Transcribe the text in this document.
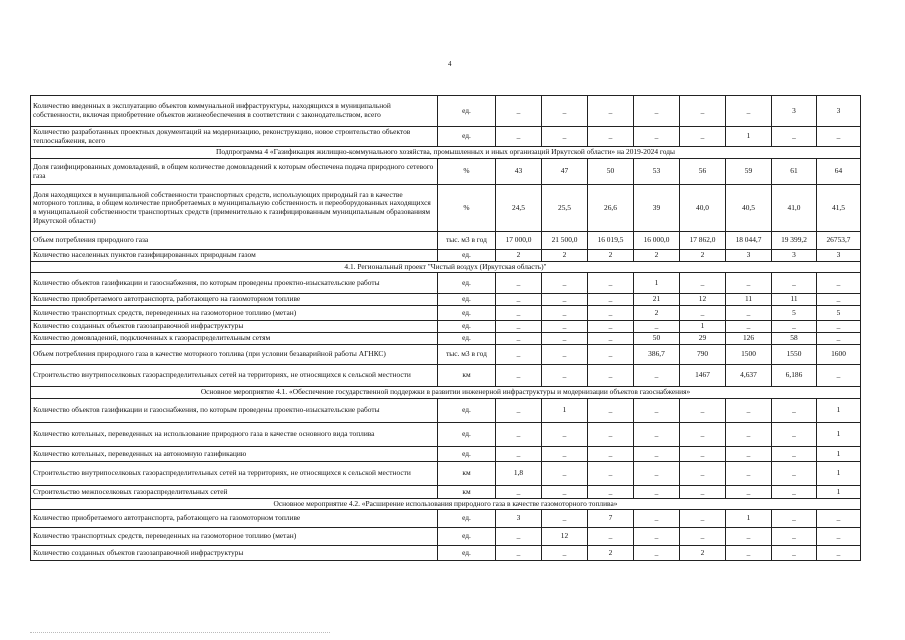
4
Количество введенных в эксплуатацию объектов коммунальной инфраструктуры, находящихся в муниципальной собственности, включая приобретение объектов жизнеобеспечения в соответствии с законодательством, всего	ед.	_	_	_	_	_	_	3	3
Количество разработанных проектных документаций на модернизацию, реконструкцию, новое строительство объектов теплоснабжения, всего	ед.	_	_	_	_	_	1	_	_
Подпрограмма 4 «Газификация жилищно-коммунального хозяйства, промышленных и иных организаций Иркутской области» на 2019-2024 годы									
Доля газифицированных домовладений, в общем количестве домовладений к которым обеспечена подача природного сетевого газа	%	43	47	50	53	56	59	61	64
Доля находящихся в муниципальной собственности транспортных средств, использующих природный газ в качестве моторного топлива, в общем количестве приобретаемых в муниципальную собственность и переоборудованных находящихся в муниципальной собственности транспортных средств (применительно к газифицированным муниципальным образованиям Иркутской области)	%	24,5	25,5	26,6	39	40,0	40,5	41,0	41,5
Объем потребления природного газа	тыс. м3 в год	17 000,0	21 500,0	16 019,5	16 000,0	17 862,0	18 044,7	19 399,2	26753,7
Количество населенных пунктов газифицированных природным газом	ед.	2	2	2	2	2	3	3	3
4.1. Региональный проект "Чистый воздух (Иркутская область)"									
Количество объектов газификации и газоснабжения, по которым проведены проектно-изыскательские работы	ед.	_	_	_	1	_	_	_	_
Количество приобретаемого автотранспорта, работающего на газомоторном топливе	ед.	_	_	_	21	12	11	11	_
Количество транспортных средств, переведенных на газомоторное топливо (метан)	ед.	_	_	_	2	_	_	5	5
Количество созданных объектов газозаправочной инфраструктуры	ед.	_	_	_	_	1	_	_	_
Количество домовладений, подключенных к газораспределительным сетям	ед.	_	_	_	50	29	126	58	_
Объем потребления природного газа в качестве моторного топлива (при условии безаварийной работы АГНКС)	тыс. м3 в год	_	_	_	386,7	790	1500	1550	1600
Строительство внутрипоселковых газораспределительных сетей на территориях, не относящихся к сельской местности	км	_	_	_	_	1467	4,637	6,186	_
Основное мероприятие 4.1. «Обеспечение государственной поддержки в развитии инженерной инфраструктуры и модернизации объектов газоснабжения»									
Количество объектов газификации и газоснабжения, по которым проведены проектно-изыскательские работы	ед.	_	1	_	_	_	_	_	1
Количество котельных, переведенных на использование природного газа в качестве основного вида топлива	ед.	_	_	_	_	_	_	_	1
Количество котельных, переведенных на автономную газификацию	ед.	_	_	_	_	_	_	_	1
Строительство внутрипоселковых газораспределительных сетей на территориях, не относящихся к сельской местности	км	1,8	_	_	_	_	_	_	1
Строительство межпоселковых газораспределительных сетей	км	_	_	_	_	_	_	_	1
Основное мероприятие 4.2. «Расширение использования природного газа в качестве газомоторного топлива»									
Количество приобретаемого автотранспорта, работающего на газомоторном топливе	ед.	3	_	7	_	_	1	_	_
Количество транспортных средств, переведенных на газомоторное топливо (метан)	ед.	_	12	_	_	_	_	_	_
Количество созданных объектов газозаправочной инфраструктуры	ед.	_	_	2	_	2	_	_	_
